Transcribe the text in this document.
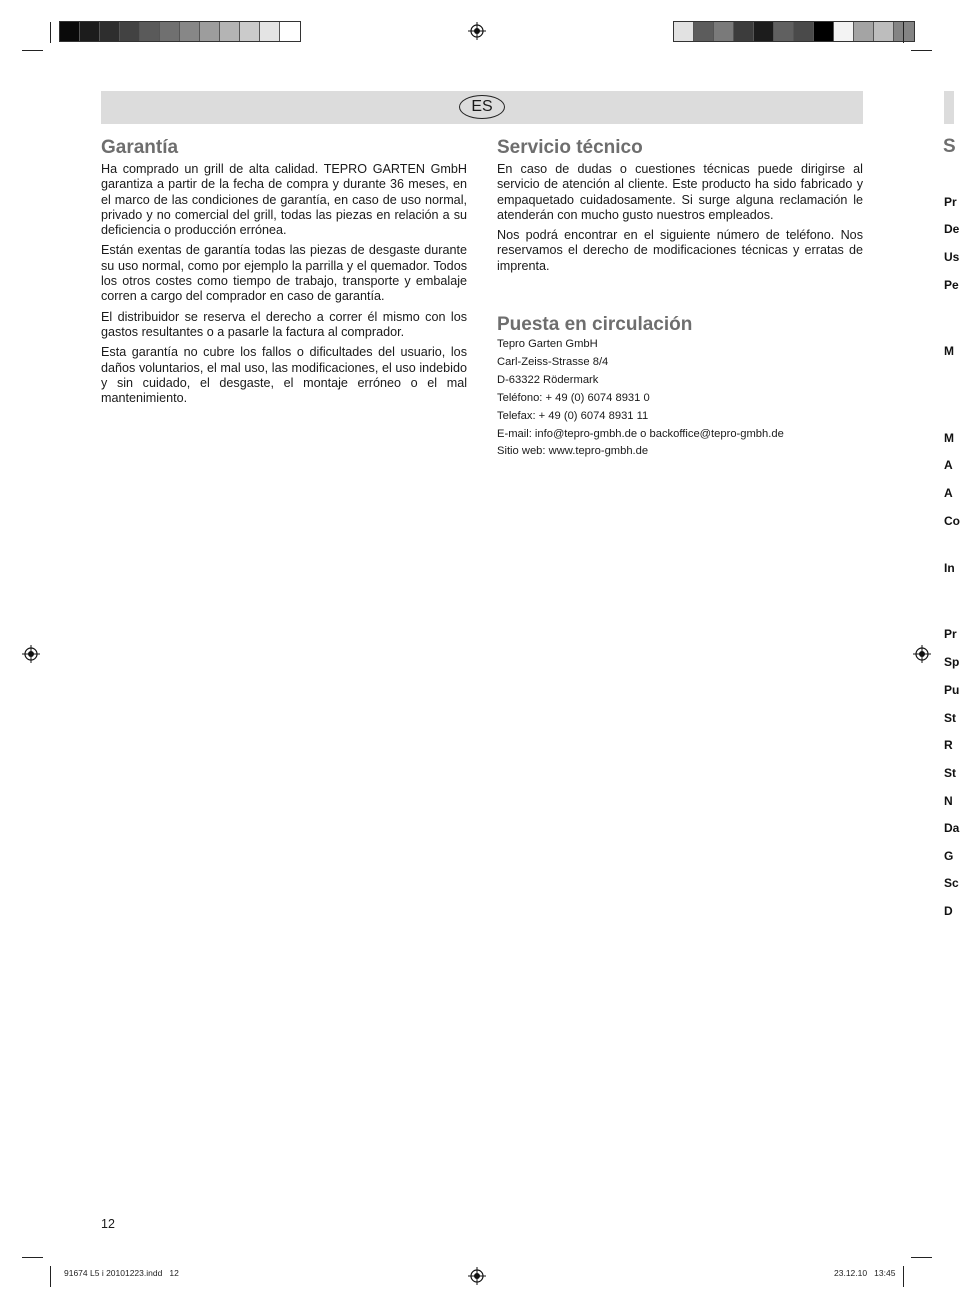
ES
Garantía

Ha comprado un grill de alta calidad. TEPRO GARTEN GmbH garantiza a partir de la fecha de compra y durante 36 meses, en el marco de las condiciones de garantía, en caso de uso normal, privado y no comercial del grill, todas las piezas en relación a su deficiencia o producción errónea.

Están exentas de garantía todas las piezas de desgaste durante su uso normal, como por ejemplo la parrilla y el quemador. Todos los otros costes como tiempo de trabajo, transporte y embalaje corren a cargo del comprador en caso de garantía.

El distribuidor se reserva el derecho a correr él mismo con los gastos resultantes o a pasarle la factura al comprador.

Esta garantía no cubre los fallos o dificultades del usuario, los daños voluntarios, el mal uso, las modificaciones, el uso indebido y sin cuidado, el desgaste, el montaje erróneo o el mal mantenimiento.

Servicio técnico

En caso de dudas o cuestiones técnicas puede dirigirse al servicio de atención al cliente. Este producto ha sido fabricado y empaquetado cuidadosamente. Si surge alguna reclamación le atenderán con mucho gusto nuestros empleados.

Nos podrá encontrar en el siguiente número de teléfono. Nos reservamos el derecho de modificaciones técnicas y erratas de imprenta.

Puesta en circulación
Tepro Garten GmbH
Carl-Zeiss-Strasse 8/4
D-63322 Rödermark
Teléfono: + 49 (0) 6074 8931 0
Telefax: + 49 (0) 6074 8931 11
E-mail: info@tepro-gmbh.de o backoffice@tepro-gmbh.de
Sitio web: www.tepro-gmbh.de
S
Pr
De
Us
Pe
M
M
A
A
Co
In
Pr
Sp
Pu
St
R
St
N
Da
G
Sc
D
12
91674 L5 i 20101223.indd   12	23.12.10   13:45
